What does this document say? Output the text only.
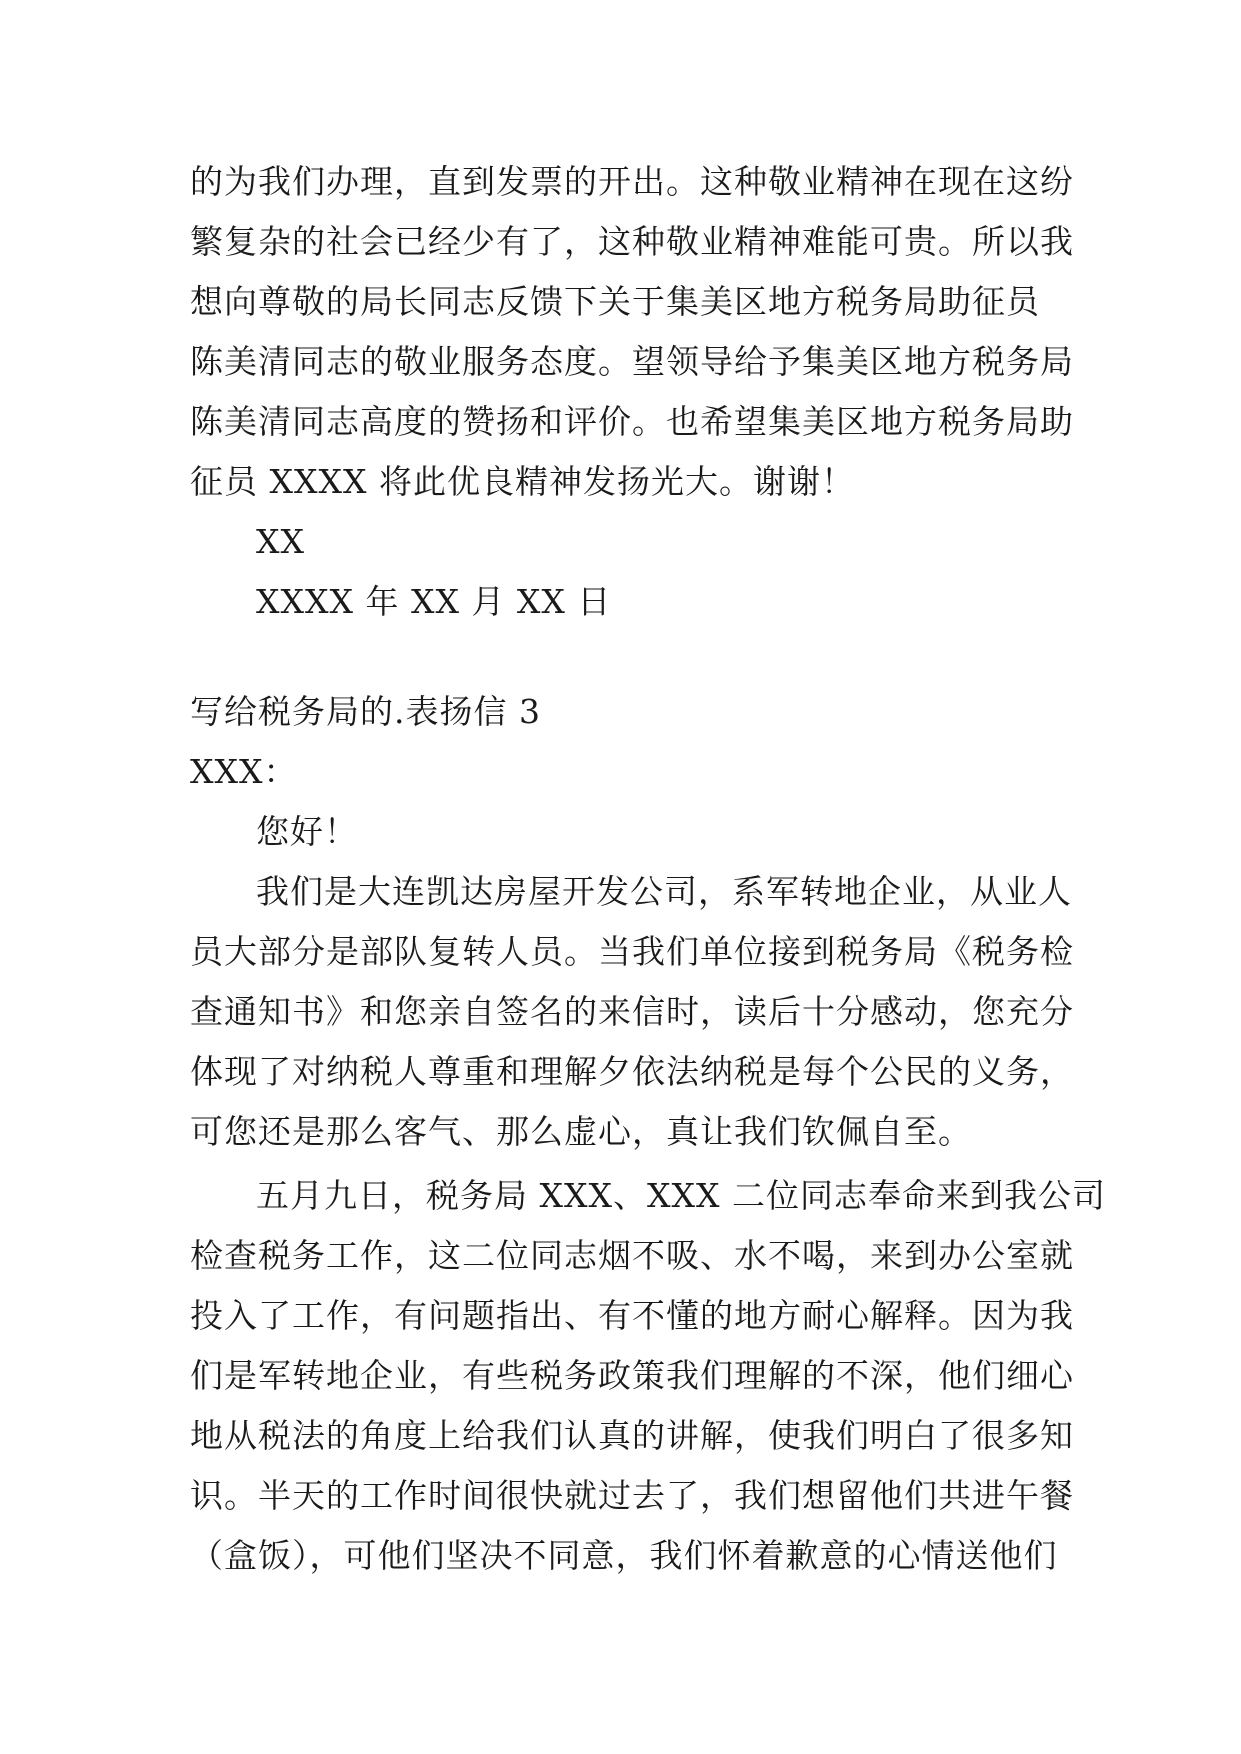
的为我们办理，直到发票的开出。这种敬业精神在现在这纷
繁复杂的社会已经少有了，这种敬业精神难能可贵。所以我
想向尊敬的局长同志反馈下关于集美区地方税务局助征员
陈美清同志的敬业服务态度。望领导给予集美区地方税务局
陈美清同志高度的赞扬和评价。也希望集美区地方税务局助
征员 XXXX 将此优良精神发扬光大。谢谢！
XX
XXXX 年 XX 月 XX 日
写给税务局的.表扬信 3
XXX：
您好！
我们是大连凯达房屋开发公司，系军转地企业，从业人
员大部分是部队复转人员。当我们单位接到税务局《税务检
查通知书》和您亲自签名的来信时，读后十分感动，您充分
体现了对纳税人尊重和理解夕依法纳税是每个公民的义务，
可您还是那么客气、那么虚心，真让我们钦佩自至。
五月九日，税务局 XXX、XXX 二位同志奉命来到我公司
检查税务工作，这二位同志烟不吸、水不喝，来到办公室就
投入了工作，有问题指出、有不懂的地方耐心解释。因为我
们是军转地企业，有些税务政策我们理解的不深，他们细心
地从税法的角度上给我们认真的讲解，使我们明白了很多知
识。半天的工作时间很快就过去了，我们想留他们共进午餐
（盒饭），可他们坚决不同意，我们怀着歉意的心情送他们
